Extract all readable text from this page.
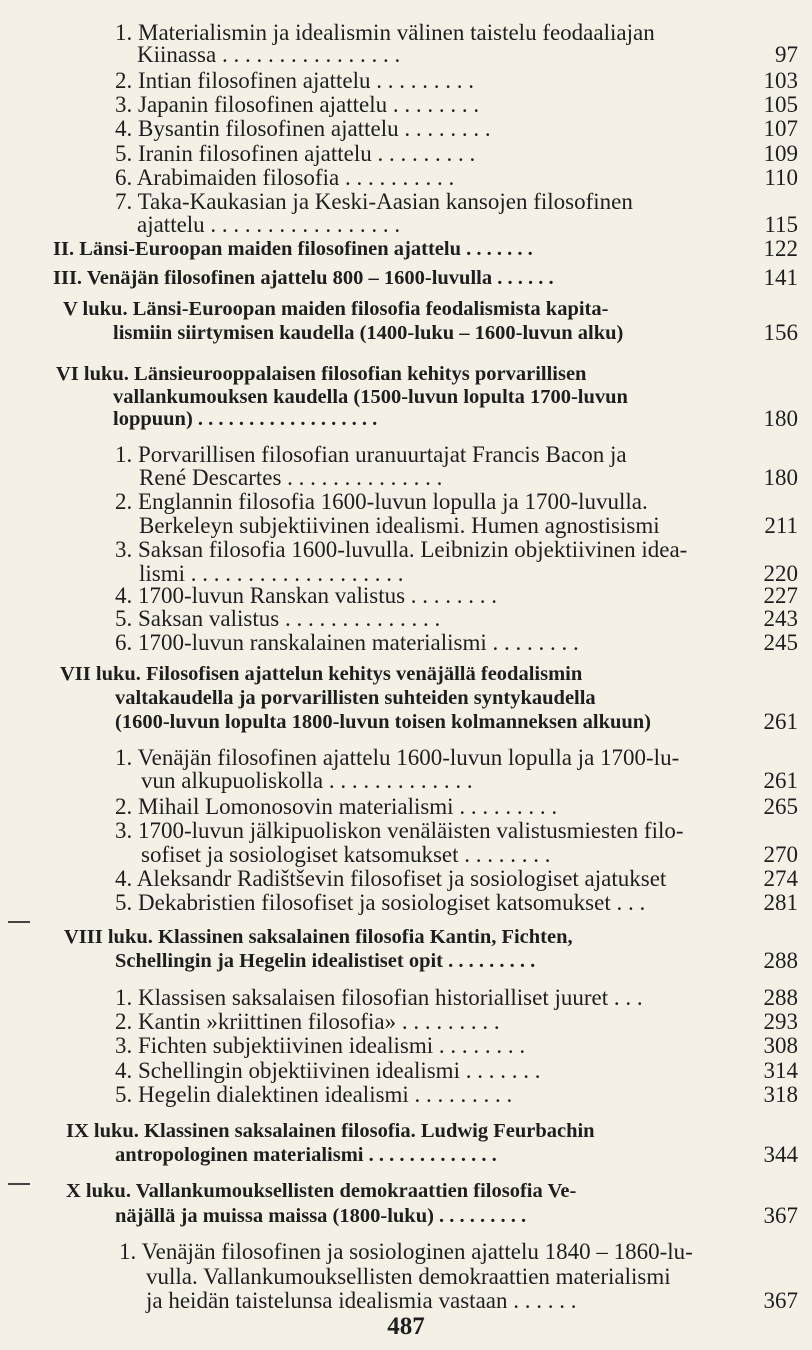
1. Materialismin ja idealismin välinen taistelu feodaaliajan
Kiinassa . . . . . . . . . . . . . . . .	97
2. Intian filosofinen ajattelu . . . . . . . . .	103
3. Japanin filosofinen ajattelu . . . . . . . .	105
4. Bysantin filosofinen ajattelu . . . . . . . .	107
5. Iranin filosofinen ajattelu . . . . . . . . .	109
6. Arabimaiden filosofia . . . . . . . . . .	110
7. Taka-Kaukasian ja Keski-Aasian kansojen filosofinen
ajattelu . . . . . . . . . . . . . . . . .	115
II. Länsi-Euroopan maiden filosofinen ajattelu . . . . . . .	122
III. Venäjän filosofinen ajattelu 800 – 1600-luvulla . . . . . .	141
V luku. Länsi-Euroopan maiden filosofia feodalismista kapita-
lismiin siirtymisen kaudella (1400-luku – 1600-luvun alku)	156
VI luku. Länsieurooppalaisen filosofian kehitys porvarillisen
vallankumouksen kaudella (1500-luvun lopulta 1700-luvun
loppuun) . . . . . . . . . . . . . . . . . .	180
1. Porvarillisen filosofian uranuurtajat Francis Bacon ja
René Descartes . . . . . . . . . . . . . .	180
2. Englannin filosofia 1600-luvun lopulla ja 1700-luvulla.
Berkeleyn subjektiivinen idealismi. Humen agnostisismi	211
3. Saksan filosofia 1600-luvulla. Leibnizin objektiivinen idea-
lismi . . . . . . . . . . . . . . . . . . .	220
4. 1700-luvun Ranskan valistus . . . . . . . .	227
5. Saksan valistus . . . . . . . . . . . . . .	243
6. 1700-luvun ranskalainen materialismi . . . . . . . .	245
VII luku. Filosofisen ajattelun kehitys venäjällä feodalismin
valtakaudella ja porvarillisten suhteiden syntykaudella
(1600-luvun lopulta 1800-luvun toisen kolmanneksen alkuun)	261
1. Venäjän filosofinen ajattelu 1600-luvun lopulla ja 1700-lu-
vun alkupuoliskolla . . . . . . . . . . . . .	261
2. Mihail Lomonosovin materialismi . . . . . . . . .	265
3. 1700-luvun jälkipuoliskon venäläisten valistusmiesten filo-
sofiset ja sosiologiset katsomukset . . . . . . . .	270
4. Aleksandr Radištševin filosofiset ja sosiologiset ajatukset	274
5. Dekabristien filosofiset ja sosiologiset katsomukset . . .	281
VIII luku. Klassinen saksalainen filosofia Kantin, Fichten,
Schellingin ja Hegelin idealistiset opit . . . . . . . . .	288
1. Klassisen saksalaisen filosofian historialliset juuret . . .	288
2. Kantin »kriittinen filosofia» . . . . . . . . .	293
3. Fichten subjektiivinen idealismi . . . . . . . .	308
4. Schellingin objektiivinen idealismi . . . . . . .	314
5. Hegelin dialektinen idealismi . . . . . . . . .	318
IX luku. Klassinen saksalainen filosofia. Ludwig Feurbachin
antropologinen materialismi . . . . . . . . . . . . .	344
X luku. Vallankumouksellisten demokraattien filosofia Ve-
näjällä ja muissa maissa (1800-luku) . . . . . . . . .	367
1. Venäjän filosofinen ja sosiologinen ajattelu 1840 – 1860-lu-
vulla. Vallankumouksellisten demokraattien materialismi
ja heidän taistelunsa idealismia vastaan . . . . . .	367
487
